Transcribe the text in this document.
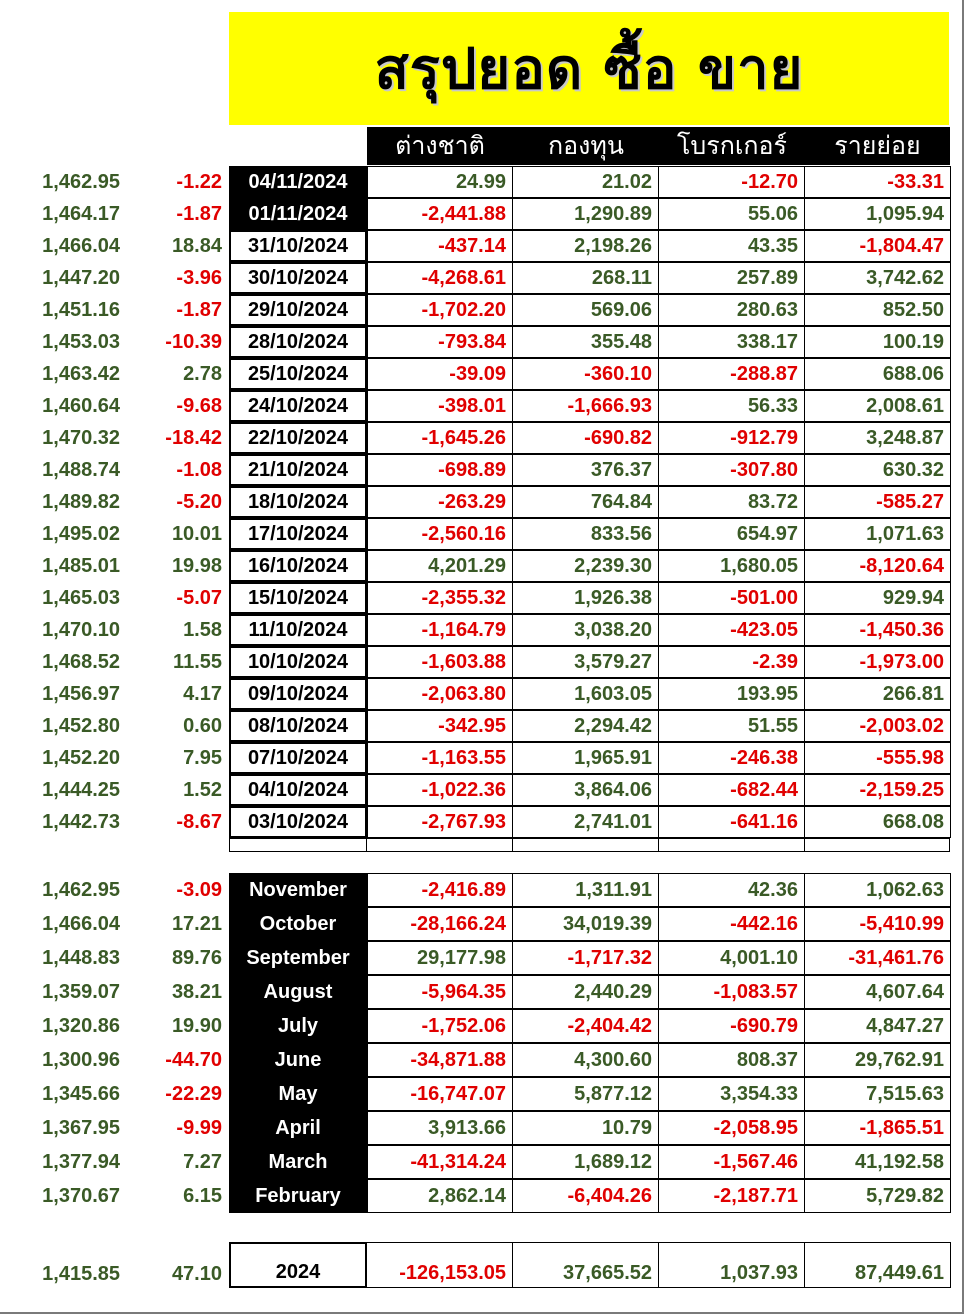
สรุปยอด ซื้อ ขาย
ต่างชาติ	กองทุน	โบรกเกอร์	รายย่อย
1,462.95	-1.22	04/11/2024	24.99	21.02	-12.70	-33.31
1,464.17	-1.87	01/11/2024	-2,441.88	1,290.89	55.06	1,095.94
1,466.04	18.84	31/10/2024	-437.14	2,198.26	43.35	-1,804.47
1,447.20	-3.96	30/10/2024	-4,268.61	268.11	257.89	3,742.62
1,451.16	-1.87	29/10/2024	-1,702.20	569.06	280.63	852.50
1,453.03	-10.39	28/10/2024	-793.84	355.48	338.17	100.19
1,463.42	2.78	25/10/2024	-39.09	-360.10	-288.87	688.06
1,460.64	-9.68	24/10/2024	-398.01	-1,666.93	56.33	2,008.61
1,470.32	-18.42	22/10/2024	-1,645.26	-690.82	-912.79	3,248.87
1,488.74	-1.08	21/10/2024	-698.89	376.37	-307.80	630.32
1,489.82	-5.20	18/10/2024	-263.29	764.84	83.72	-585.27
1,495.02	10.01	17/10/2024	-2,560.16	833.56	654.97	1,071.63
1,485.01	19.98	16/10/2024	4,201.29	2,239.30	1,680.05	-8,120.64
1,465.03	-5.07	15/10/2024	-2,355.32	1,926.38	-501.00	929.94
1,470.10	1.58	11/10/2024	-1,164.79	3,038.20	-423.05	-1,450.36
1,468.52	11.55	10/10/2024	-1,603.88	3,579.27	-2.39	-1,973.00
1,456.97	4.17	09/10/2024	-2,063.80	1,603.05	193.95	266.81
1,452.80	0.60	08/10/2024	-342.95	2,294.42	51.55	-2,003.02
1,452.20	7.95	07/10/2024	-1,163.55	1,965.91	-246.38	-555.98
1,444.25	1.52	04/10/2024	-1,022.36	3,864.06	-682.44	-2,159.25
1,442.73	-8.67	03/10/2024	-2,767.93	2,741.01	-641.16	668.08
1,462.95	-3.09	November	-2,416.89	1,311.91	42.36	1,062.63
1,466.04	17.21	October	-28,166.24	34,019.39	-442.16	-5,410.99
1,448.83	89.76	September	29,177.98	-1,717.32	4,001.10	-31,461.76
1,359.07	38.21	August	-5,964.35	2,440.29	-1,083.57	4,607.64
1,320.86	19.90	July	-1,752.06	-2,404.42	-690.79	4,847.27
1,300.96	-44.70	June	-34,871.88	4,300.60	808.37	29,762.91
1,345.66	-22.29	May	-16,747.07	5,877.12	3,354.33	7,515.63
1,367.95	-9.99	April	3,913.66	10.79	-2,058.95	-1,865.51
1,377.94	7.27	March	-41,314.24	1,689.12	-1,567.46	41,192.58
1,370.67	6.15	February	2,862.14	-6,404.26	-2,187.71	5,729.82
1,415.85	47.10	2024	-126,153.05	37,665.52	1,037.93	87,449.61
